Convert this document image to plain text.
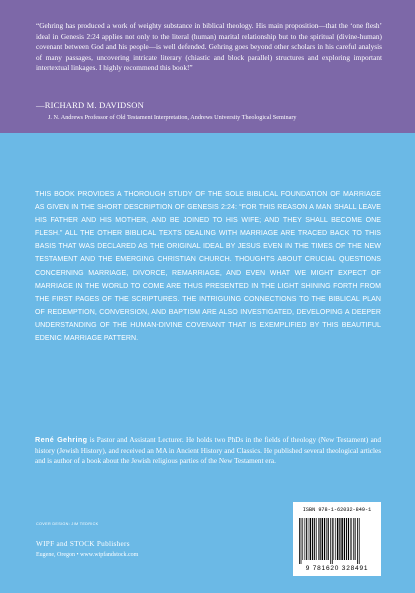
“Gehring has produced a work of weighty substance in biblical theology. His main proposition—that the ‘one flesh’ ideal in Genesis 2:24 applies not only to the literal (human) marital relationship but to the spiritual (divine-human) covenant between God and his people—is well defended. Gehring goes beyond other scholars in his careful analysis of many passages, uncovering intricate literary (chiastic and block parallel) structures and exploring important intertextual linkages. I highly recommend this book!”

—RICHARD M. DAVIDSON
J. N. Andrews Professor of Old Testament Interpretation, Andrews University Theological Seminary

THIS BOOK PROVIDES A THOROUGH STUDY OF THE SOLE BIBLICAL FOUNDATION OF MARRIAGE AS GIVEN IN THE SHORT DESCRIPTION OF GENESIS 2:24: “FOR THIS REASON A MAN SHALL LEAVE HIS FATHER AND HIS MOTHER, AND BE JOINED TO HIS WIFE; AND THEY SHALL BECOME ONE FLESH.” ALL THE OTHER BIBLICAL TEXTS DEALING WITH MARRIAGE ARE TRACED BACK TO THIS BASIS THAT WAS DECLARED AS THE ORIGINAL IDEAL BY JESUS EVEN IN THE TIMES OF THE NEW TESTAMENT AND THE EMERGING CHRISTIAN CHURCH. THOUGHTS ABOUT CRUCIAL QUESTIONS CONCERNING MARRIAGE, DIVORCE, REMARRIAGE, AND EVEN WHAT WE MIGHT EXPECT OF MARRIAGE IN THE WORLD TO COME ARE THUS PRESENTED IN THE LIGHT SHINING FORTH FROM THE FIRST PAGES OF THE SCRIPTURES. THE INTRIGUING CONNECTIONS TO THE BIBLICAL PLAN OF REDEMPTION, CONVERSION, AND BAPTISM ARE ALSO INVESTIGATED, DEVELOPING A DEEPER UNDERSTANDING OF THE HUMAN-DIVINE COVENANT THAT IS EXEMPLIFIED BY THIS BEAUTIFUL EDENIC MARRIAGE PATTERN.

René Gehring is Pastor and Assistant Lecturer. He holds two PhDs in the fields of theology (New Testament) and history (Jewish History), and received an MA in Ancient History and Classics. He published several theological articles and is author of a book about the Jewish religious parties of the New Testament era.

COVER DESIGN: JIM TEDRICK
WIPF and STOCK Publishers
Eugene, Oregon • www.wipfandstock.com
ISBN 978-1-62032-849-1
9 781620 328491
